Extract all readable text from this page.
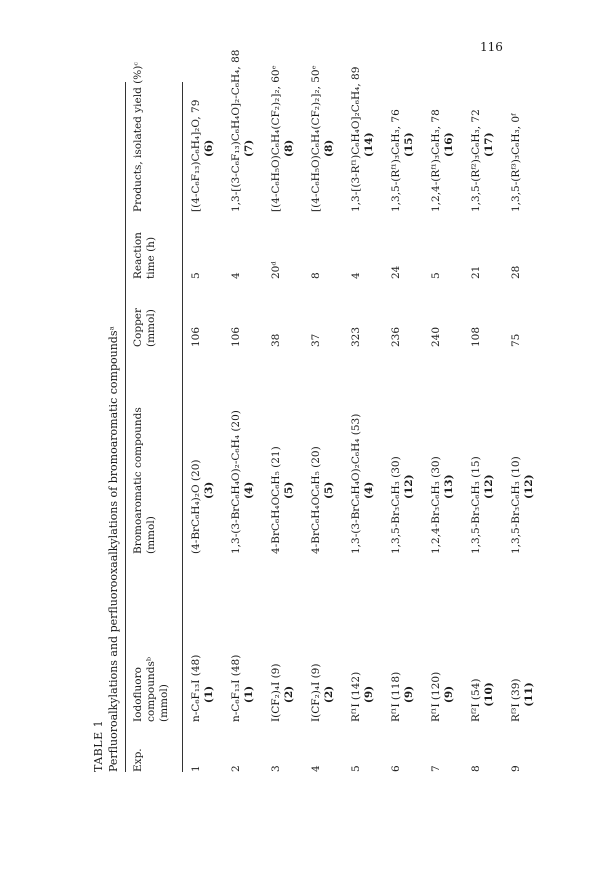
116
TABLE 1 Perfluoroalkylations and perfluorooxaalkylations of bromoaromatic compoundsᵃ Exp.
Iodofluoro compoundsᵇ (mmol)
Bromoaromatic compounds (mmol)
Copper (mmol)
Reaction time (h)
Products, isolated yield (%)ᶜ
1
n-C₆F₁₃I (48) (1)
(4-BrC₆H₄)₂O (20) (3)
106
5
[(4-C₆F₁₃)C₆H₄]₂O, 79 (6)
2
n-C₆F₁₃I (48) (1)
1,3-(3-BrC₆H₄O)₂-C₆H₄ (20) (4)
106
4
1,3-[(3-C₆F₁₃)C₆H₄O]₂-C₆H₄, 88 (7)
3
I(CF₂)₄I (9) (2)
4-BrC₆H₄OC₆H₅ (21) (5)
38
20ᵈ
[(4-C₆H₅O)C₆H₄(CF₂)₂]₂, 60ᵉ (8)
4
I(CF₂)₄I (9) (2)
4-BrC₆H₄OC₆H₅ (20) (5)
37
8
[(4-C₆H₅O)C₆H₄(CF₂)₂]₂, 50ᵉ (8)
5
Rᶠ¹I (142) (9)
1,3-(3-BrC₆H₄O)₂C₆H₄ (53) (4)
323
4
1,3-[(3-Rᶠ¹)C₆H₄O]₂C₆H₄, 89 (14)
6
Rᶠ¹I (118) (9)
1,3,5-Br₃C₆H₃ (30) (12)
236
24
1,3,5-(Rᶠ¹)₃C₆H₃, 76 (15)
7
Rᶠ¹I (120) (9)
1,2,4-Br₃C₆H₃ (30) (13)
240
5
1,2,4-(Rᶠ¹)₃C₆H₃, 78 (16)
8
Rᶠ²I (54) (10)
1,3,5-Br₃C₆H₃ (15) (12)
108
21
1,3,5-(Rᶠ²)₃C₆H₃, 72 (17)
9
Rᶠ³I (39) (11)
1,3,5-Br₃C₆H₃ (10) (12)
75
28
1,3,5-(Rᶠ³)₃C₆H₃, 0ᶠ
